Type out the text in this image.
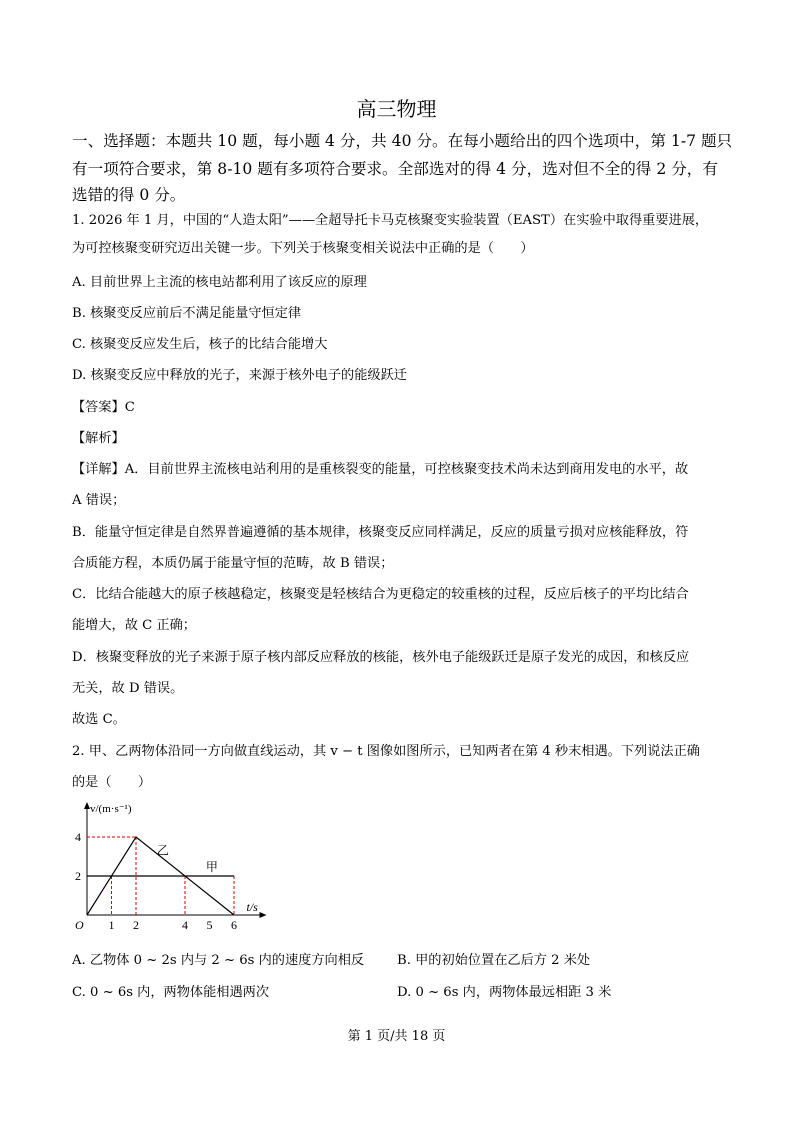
高三物理
一、选择题：本题共 10 题，每小题 4 分，共 40 分。在每小题给出的四个选项中，第 1-7 题只
有一项符合要求，第 8-10 题有多项符合要求。全部选对的得 4 分，选对但不全的得 2 分，有
选错的得 0 分。
1. 2026 年 1 月，中国的“人造太阳”——全超导托卡马克核聚变实验装置（EAST）在实验中取得重要进展，
为可控核聚变研究迈出关键一步。下列关于核聚变相关说法中正确的是（　　）
A. 目前世界上主流的核电站都利用了该反应的原理
B. 核聚变反应前后不满足能量守恒定律
C. 核聚变反应发生后，核子的比结合能增大
D. 核聚变反应中释放的光子，来源于核外电子的能级跃迁
【答案】C
【解析】
【详解】A．目前世界主流核电站利用的是重核裂变的能量，可控核聚变技术尚未达到商用发电的水平，故
A 错误；
B．能量守恒定律是自然界普遍遵循的基本规律，核聚变反应同样满足，反应的质量亏损对应核能释放，符
合质能方程，本质仍属于能量守恒的范畴，故 B 错误；
C．比结合能越大的原子核越稳定，核聚变是轻核结合为更稳定的较重核的过程，反应后核子的平均比结合
能增大，故 C 正确；
D．核聚变释放的光子来源于原子核内部反应释放的核能，核外电子能级跃迁是原子发光的成因，和核反应
无关，故 D 错误。
故选 C。
2. 甲、乙两物体沿同一方向做直线运动，其 v − t 图像如图所示，已知两者在第 4 秒末相遇。下列说法正确
的是（　　）
甲
乙
1 2	4 5 6
2
4
O
v/(m·s⁻¹)
t/s
A. 乙物体 0 ~ 2s 内与 2 ~ 6s 内的速度方向相反 B. 甲的初始位置在乙后方 2 米处
C. 0 ~ 6s 内，两物体能相遇两次	D. 0 ~ 6s 内，两物体最远相距 3 米
第 1 页/共 18 页
